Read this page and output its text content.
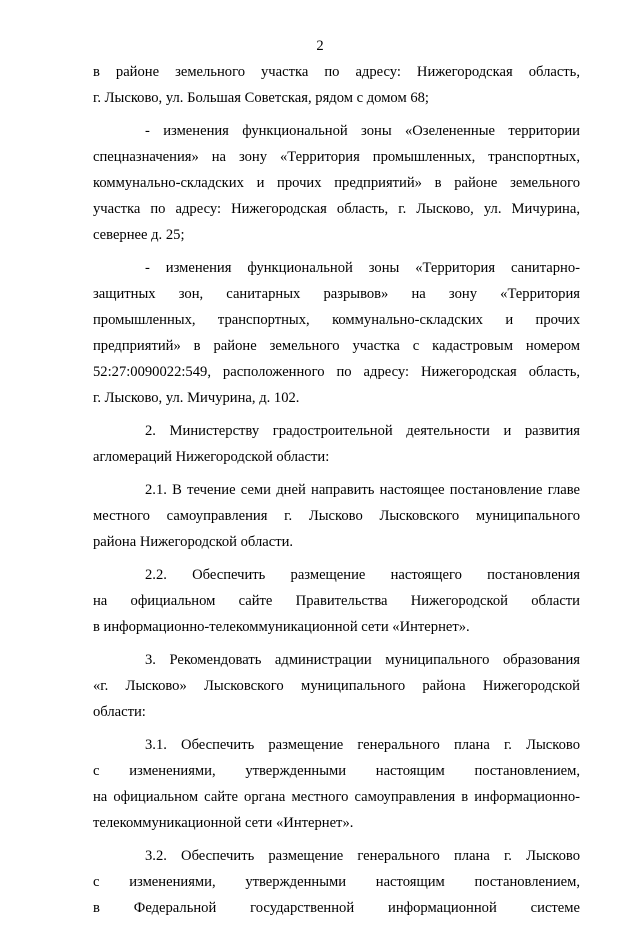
2

в районе земельного участка по адресу: Нижегородская область,
г. Лысково, ул. Большая Советская, рядом с домом 68;

- изменения функциональной зоны «Озелененные территории
спецназначения» на зону «Территория промышленных, транспортных,
коммунально-складских и прочих предприятий» в районе земельного
участка по адресу: Нижегородская область, г. Лысково, ул. Мичурина,
севернее д. 25;

- изменения функциональной зоны «Территория санитарно-
защитных зон, санитарных разрывов» на зону «Территория
промышленных, транспортных, коммунально-складских и прочих
предприятий» в районе земельного участка с кадастровым номером
52:27:0090022:549, расположенного по адресу: Нижегородская область,
г. Лысково, ул. Мичурина, д. 102.

2. Министерству градостроительной деятельности и развития
агломераций Нижегородской области:

2.1. В течение семи дней направить настоящее постановление главе
местного самоуправления г. Лысково Лысковского муниципального
района Нижегородской области.

2.2. Обеспечить размещение настоящего постановления
на официальном сайте Правительства Нижегородской области
в информационно-телекоммуникационной сети «Интернет».

3. Рекомендовать администрации муниципального образования
«г. Лысково» Лысковского муниципального района Нижегородской
области:

3.1. Обеспечить размещение генерального плана г. Лысково
с изменениями, утвержденными настоящим постановлением,
на официальном сайте органа местного самоуправления в информационно-
телекоммуникационной сети «Интернет».

3.2. Обеспечить размещение генерального плана г. Лысково
с изменениями, утвержденными настоящим постановлением,
в Федеральной государственной информационной системе
